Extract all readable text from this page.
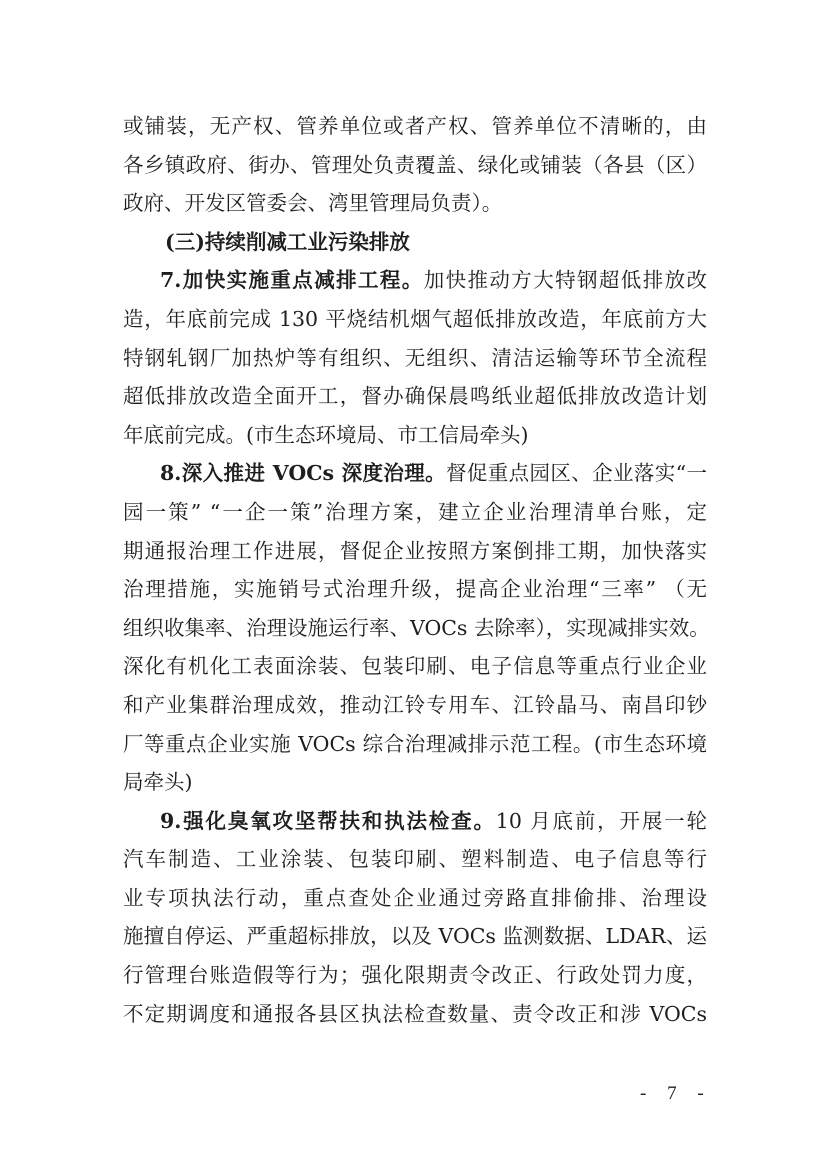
或铺装，无产权、管养单位或者产权、管养单位不清晰的，由
各乡镇政府、街办、管理处负责覆盖、绿化或铺装（各县（区）
政府、开发区管委会、湾里管理局负责）。
(三)持续削减工业污染排放
7.加快实施重点减排工程。加快推动方大特钢超低排放改
造，年底前完成 130 平烧结机烟气超低排放改造，年底前方大
特钢轧钢厂加热炉等有组织、无组织、清洁运输等环节全流程
超低排放改造全面开工，督办确保晨鸣纸业超低排放改造计划
年底前完成。(市生态环境局、市工信局牵头)
8.深入推进 VOCs 深度治理。督促重点园区、企业落实“一
园一策” “一企一策”治理方案，建立企业治理清单台账，定
期通报治理工作进展，督促企业按照方案倒排工期，加快落实
治理措施，实施销号式治理升级，提高企业治理“三率” （无
组织收集率、治理设施运行率、VOCs 去除率），实现减排实效。
深化有机化工表面涂装、包装印刷、电子信息等重点行业企业
和产业集群治理成效，推动江铃专用车、江铃晶马、南昌印钞
厂等重点企业实施 VOCs 综合治理减排示范工程。(市生态环境
局牵头)
9.强化臭氧攻坚帮扶和执法检查。10 月底前，开展一轮
汽车制造、工业涂装、包装印刷、塑料制造、电子信息等行
业专项执法行动，重点查处企业通过旁路直排偷排、治理设
施擅自停运、严重超标排放，以及 VOCs 监测数据、LDAR、运
行管理台账造假等行为；强化限期责令改正、行政处罚力度，
不定期调度和通报各县区执法检查数量、责令改正和涉 VOCs
- 7 -
